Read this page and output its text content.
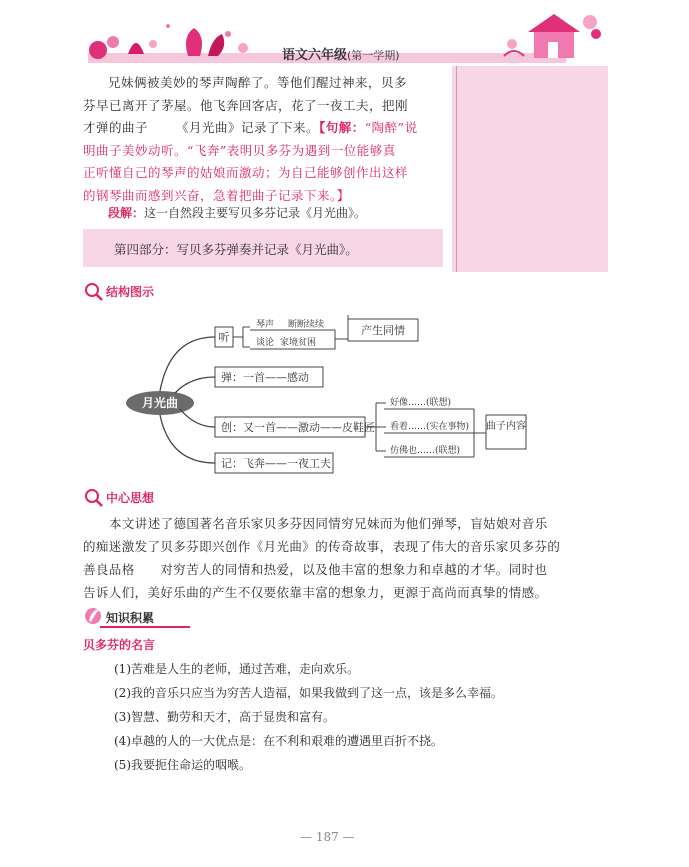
语文六年级(第一学期)
兄妹俩被美妙的琴声陶醉了。等他们醒过神来，贝多
芬早已离开了茅屋。他飞奔回客店，花了一夜工夫，把刚
才弹的曲子 《月光曲》记录了下来。【句解：“陶醉”说
明曲子美妙动听。“飞奔”表明贝多芬为遇到一位能够真
正听懂自己的琴声的姑娘而激动；为自己能够创作出这样
的钢琴曲而感到兴奋，急着把曲子记录下来。】
段解：这一自然段主要写贝多芬记录《月光曲》。
第四部分：写贝多芬弹奏并记录《月光曲》。
结构图示
月光曲
听
琴声 断断续续
谈论 家境贫困
产生同情
弹：一首——感动
创：又一首——激动——皮鞋匠
好像……(联想)
看着……(实在事物)
仿佛也……(联想)
曲子内容
记：飞奔——一夜工夫
中心思想
本文讲述了德国著名音乐家贝多芬因同情穷兄妹而为他们弹琴，盲姑娘对音乐
的痴迷激发了贝多芬即兴创作《月光曲》的传奇故事，表现了伟大的音乐家贝多芬的
善良品格　　对穷苦人的同情和热爱，以及他丰富的想象力和卓越的才华。同时也
告诉人们，美好乐曲的产生不仅要依靠丰富的想象力，更源于高尚而真挚的情感。
知识积累
贝多芬的名言
(1)苦难是人生的老师，通过苦难，走向欢乐。
(2)我的音乐只应当为穷苦人造福，如果我做到了这一点，该是多么幸福。
(3)智慧、勤劳和天才，高于显贵和富有。
(4)卓越的人的一大优点是：在不利和艰难的遭遇里百折不挠。
(5)我要扼住命运的咽喉。
— 187 —
